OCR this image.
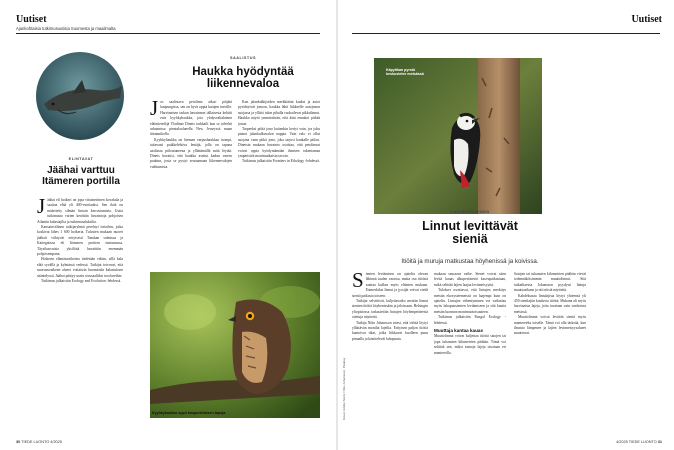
Uutiset
Ajankohtaisia tutkimusuutisia Suomesta ja maailmalta
ELINTAVAT
Jäähai varttuu Itämeren portilla
J äähai eli hoikeri on jopa viisimetrinen kovakala ja saattaa elää yli 400-vuotiaaksi. Sen ikää on määritetty silmän linssin kerrostumista. Uutta tutkimusta varten kerättiin havaintoja pohjoisen Atlantin kalastajilta ja tutkimusaluksilta.

Kansainvälinen tutkijaryhmä perehtyi tietoihin, jotka koskivat lähes 1 600 hoikeria. Tulosten mukaan nuoret jäähait viihtyvät erityisesti Tanskan salmissa ja Kattegatissa eli Itämeren porttien tuntumassa. Täysikasvuisia yksilöitä havaittiin enemmän pohjoisempana.

Hoikerin elämänvaiheista tiedetään vähän, sillä kala elää syvällä ja kylmässä vedessä. Tutkijat toivovat, että nuoruusvaiheen alueet voitaisiin huomioida kalastuksen sääntelyssä. Jäähai päätyy usein sivusaaliiksi troolareihin.

Tutkimus julkaistiin Ecology and Evolution -lehdessä.

SAALISTUS
Haukka hyödyntää liikennevaloa
J os saalistava petolintu aikoo päijätä kaupungissa, sen on hyvä oppia katujen tavoille. Harvinaisen tarkan havainnon tällaisesta kehitti eräs kyyhkyhaukka, jota yhdysvaltalainen eläintieteilijä Vladimir Dinets tarkkaili kun se talvehti urbaanissa pientaloalueella New Jerseyssä maan itärannikolla.

Kyyhkyhaukka on hieman varpushaukkaa isompi, taitavasti puikkelehtiva lentäjä, jolla on tapana saalistaa piiloutuneena ja yllättämällä mitä löytää. Dinets havaitsi, että haukka asettui kadun varren puuhun, josta se pystyi seuraamaan liikennevalojen vaihtumista.

Kun jalankulkijoiden merkkiääni kuului ja autot pysähtyivät jonoon, haukka lähti liikkeelle autojonon suojassa ja yllätti talon pihalla ruokailevat pikkulinnut. Haukka näytti ymmärtävän, että ääni ennakoi pitkää jonoa.

Tarpeeksi pitkä jono kuitenkin kertyi vain, jos joku painoi jalankulkuvalon nappia. Vain valo ei ollut suojana vaan pitkä jono, joka tarjosi haukalle piilon. Dinetsin mukaan havainto osoittaa, että petolinnut voivat oppia hyödyntämään ihmisen rakentamaa ympäristöä monimutkaisin tavoin.

Tutkimus julkaistiin Frontiers in Ethology -lehdessä.

Kyyhkyhaukka oppii kaupunkilaisen tapoja.
30 TIEDE LUONTO 4/2025
Uutiset
Käpytikan pyrstö keskustelee metsässä
LAAJENTUMINEN
Linnut levittävät sieniä
Itiöitä ja muruja matkustaa höyhenissä ja koivissa.
S ienten leviämisen on ajateltu olevan lähinnä tuulen varassa, mutta osa itiöistä saattaa kulkea myös eläinten mukana. Esimerkiksi linnut ja jyrsijät voivat viedä sieniä paikasta toiseen.

Tutkijat selvittivät, kuljettavatko metsän linnut sienten itiöitä höyhenissään ja jaloissaan. Helsingin yliopistossa tarkastettiin lintujen höyhenpeitteestä otettuja näytteitä.

Tutkija Niko Johansson totesi, että itiöitä löytyi yllättävän monilta lajeilta. Erityisen paljon itiöitä kantoivat tikat, jotka liikkuvat kuolleen puun pinnalla ja käsittelevät lahopuuta.

mukaan seuraava vaihe. Sienet voivat siten levitä kauas alkuperäisestä kasvupaikastaan, mikä selittää lajien laajaa levinneisyyttä.

Tulokset osoittavat, että lintujen merkitys metsän ekosysteemeissä on laajempi kuin on ajateltu. Lintujen vähentyminen voi vaikuttaa myös lahopuusienten leviämiseen ja sitä kautta metsän luonnon monimuotoisuuteen.

Tutkimus julkaistiin Fungal Ecology -lehdessä.

Muuttaja kantaa kauas

Muuttolinnut voivat kuljettaa itiöitä satojen tai jopa tuhansien kilometrien päähän. Tämä voi selittää sen, miksi samoja lajeja tavataan eri mantereilla.

Satojen tai tuhansien kilometrien päähän vievät todennäköisimmin muuttolinnut. Sitä tutkailtaessa Johansson pyydysti lintuja muuttoaikana ja otti niistä näytteitä.

Kahdeksasta lintulajista löytyi yhteensä yli 450 sienilajiin kuuluvia itiöitä. Mukana oli myös harvinaisia lajeja, joita tavataan vain vanhoissa metsissä.

Muuttolinnut voivat levittää sieniä myös mantereelta toiselle. Tämä voi olla tärkeää, kun ilmasto lämpenee ja lajien levinneisyysalueet muuttuvat.

Kuvat: Adobe Stock / Niko Johansson, Pixabay
4/2025 TIEDE LUONTO 31
